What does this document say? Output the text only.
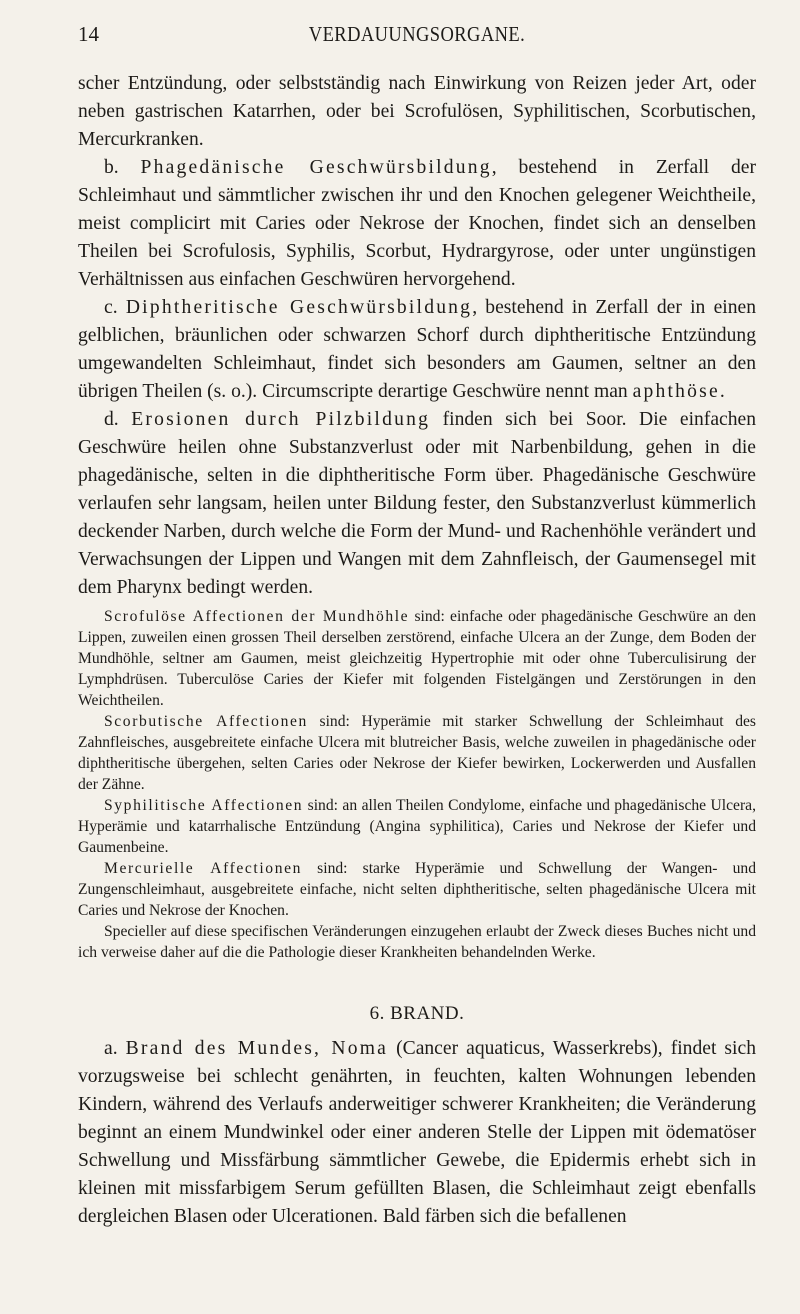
14	VERDAUUNGSORGANE.

scher Entzündung, oder selbstständig nach Einwirkung von Reizen jeder Art, oder neben gastrischen Katarrhen, oder bei Scrofulösen, Syphilitischen, Scorbutischen, Mercurkranken.

b. Phagedänische Geschwürsbildung, bestehend in Zerfall der Schleimhaut und sämmtlicher zwischen ihr und den Knochen gelegener Weichtheile, meist complicirt mit Caries oder Nekrose der Knochen, findet sich an denselben Theilen bei Scrofulosis, Syphilis, Scorbut, Hydrargyrose, oder unter ungünstigen Verhältnissen aus einfachen Geschwüren hervorgehend.

c. Diphtheritische Geschwürsbildung, bestehend in Zerfall der in einen gelblichen, bräunlichen oder schwarzen Schorf durch diphtheritische Entzündung umgewandelten Schleimhaut, findet sich besonders am Gaumen, seltner an den übrigen Theilen (s. o.). Circumscripte derartige Geschwüre nennt man aphthöse.

d. Erosionen durch Pilzbildung finden sich bei Soor. Die einfachen Geschwüre heilen ohne Substanzverlust oder mit Narbenbildung, gehen in die phagedänische, selten in die diphtheritische Form über. Phagedänische Geschwüre verlaufen sehr langsam, heilen unter Bildung fester, den Substanzverlust kümmerlich deckender Narben, durch welche die Form der Mund- und Rachenhöhle verändert und Verwachsungen der Lippen und Wangen mit dem Zahnfleisch, der Gaumensegel mit dem Pharynx bedingt werden.

Scrofulöse Affectionen der Mundhöhle sind: einfache oder phagedänische Geschwüre an den Lippen, zuweilen einen grossen Theil derselben zerstörend, einfache Ulcera an der Zunge, dem Boden der Mundhöhle, seltner am Gaumen, meist gleichzeitig Hypertrophie mit oder ohne Tuberculisirung der Lymphdrüsen. Tuberculöse Caries der Kiefer mit folgenden Fistelgängen und Zerstörungen in den Weichtheilen.

Scorbutische Affectionen sind: Hyperämie mit starker Schwellung der Schleimhaut des Zahnfleisches, ausgebreitete einfache Ulcera mit blutreicher Basis, welche zuweilen in phagedänische oder diphtheritische übergehen, selten Caries oder Nekrose der Kiefer bewirken, Lockerwerden und Ausfallen der Zähne.

Syphilitische Affectionen sind: an allen Theilen Condylome, einfache und phagedänische Ulcera, Hyperämie und katarrhalische Entzündung (Angina syphilitica), Caries und Nekrose der Kiefer und Gaumenbeine.

Mercurielle Affectionen sind: starke Hyperämie und Schwellung der Wangen- und Zungenschleimhaut, ausgebreitete einfache, nicht selten diphtheritische, selten phagedänische Ulcera mit Caries und Nekrose der Knochen.

Specieller auf diese specifischen Veränderungen einzugehen erlaubt der Zweck dieses Buches nicht und ich verweise daher auf die die Pathologie dieser Krankheiten behandelnden Werke.

6. BRAND.

a. Brand des Mundes, Noma (Cancer aquaticus, Wasserkrebs), findet sich vorzugsweise bei schlecht genährten, in feuchten, kalten Wohnungen lebenden Kindern, während des Verlaufs anderweitiger schwerer Krankheiten; die Veränderung beginnt an einem Mundwinkel oder einer anderen Stelle der Lippen mit ödematöser Schwellung und Missfärbung sämmtlicher Gewebe, die Epidermis erhebt sich in kleinen mit missfarbigem Serum gefüllten Blasen, die Schleimhaut zeigt ebenfalls dergleichen Blasen oder Ulcerationen. Bald färben sich die befallenen
